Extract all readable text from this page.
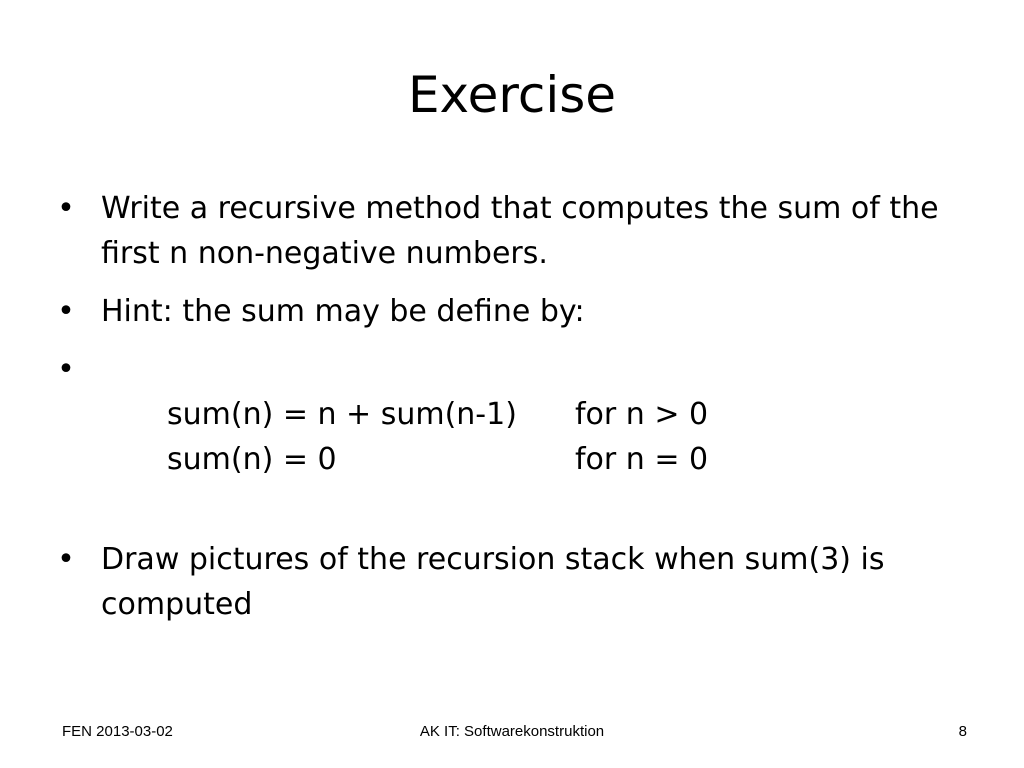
Exercise
• Write a recursive method that computes the sum of the first n non-negative numbers.
• Hint: the sum may be define by:
•

sum(n) = n + sum(n-1) for n > 0
sum(n) = 0	for n = 0
• Draw pictures of the recursion stack when sum(3) is computed
FEN 2013-03-02	AK IT: Softwarekonstruktion	8
